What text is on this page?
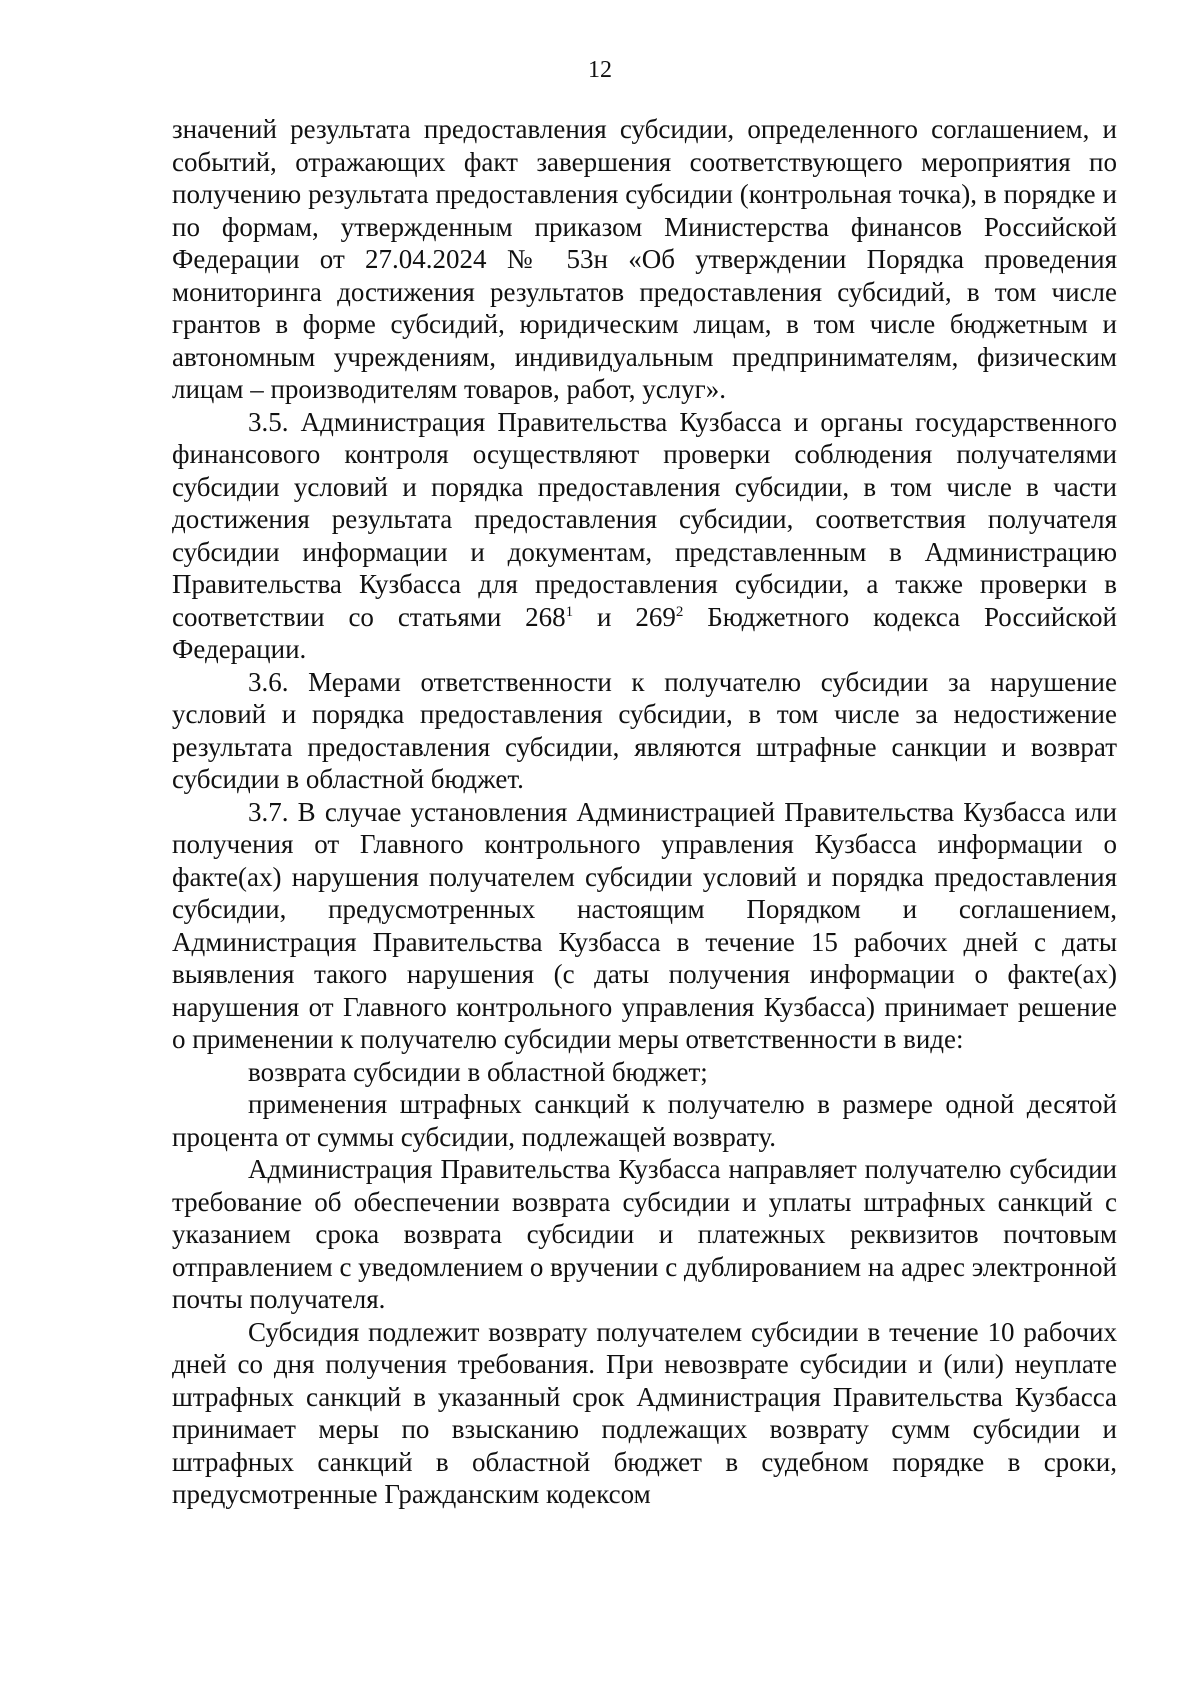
12

значений результата предоставления субсидии, определенного соглашением, и событий, отражающих факт завершения соответствующего мероприятия по получению результата предоставления субсидии (контрольная точка), в порядке и по формам, утвержденным приказом Министерства финансов Российской Федерации от 27.04.2024 № 53н «Об утверждении Порядка проведения мониторинга достижения результатов предоставления субсидий, в том числе грантов в форме субсидий, юридическим лицам, в том числе бюджетным и автономным учреждениям, индивидуальным предпринимателям, физическим лицам – производителям товаров, работ, услуг».

3.5. Администрация Правительства Кузбасса и органы государственного финансового контроля осуществляют проверки соблюдения получателями субсидии условий и порядка предоставления субсидии, в том числе в части достижения результата предоставления субсидии, соответствия получателя субсидии информации и документам, представленным в Администрацию Правительства Кузбасса для предоставления субсидии, а также проверки в соответствии со статьями $268^1$ и $269^2$ Бюджетного кодекса Российской Федерации.

3.6. Мерами ответственности к получателю субсидии за нарушение условий и порядка предоставления субсидии, в том числе за недостижение результата предоставления субсидии, являются штрафные санкции и возврат субсидии в областной бюджет.

3.7. В случае установления Администрацией Правительства Кузбасса или получения от Главного контрольного управления Кузбасса информации о факте(ах) нарушения получателем субсидии условий и порядка предоставления субсидии, предусмотренных настоящим Порядком и соглашением, Администрация Правительства Кузбасса в течение 15 рабочих дней с даты выявления такого нарушения (с даты получения информации о факте(ах) нарушения от Главного контрольного управления Кузбасса) принимает решение о применении к получателю субсидии меры ответственности в виде:

возврата субсидии в областной бюджет;

применения штрафных санкций к получателю в размере одной десятой процента от суммы субсидии, подлежащей возврату.

Администрация Правительства Кузбасса направляет получателю субсидии требование об обеспечении возврата субсидии и уплаты штрафных санкций с указанием срока возврата субсидии и платежных реквизитов почтовым отправлением с уведомлением о вручении с дублированием на адрес электронной почты получателя.

Субсидия подлежит возврату получателем субсидии в течение 10 рабочих дней со дня получения требования. При невозврате субсидии и (или) неуплате штрафных санкций в указанный срок Администрация Правительства Кузбасса принимает меры по взысканию подлежащих возврату сумм субсидии и штрафных санкций в областной бюджет в судебном порядке в сроки, предусмотренные Гражданским кодексом
